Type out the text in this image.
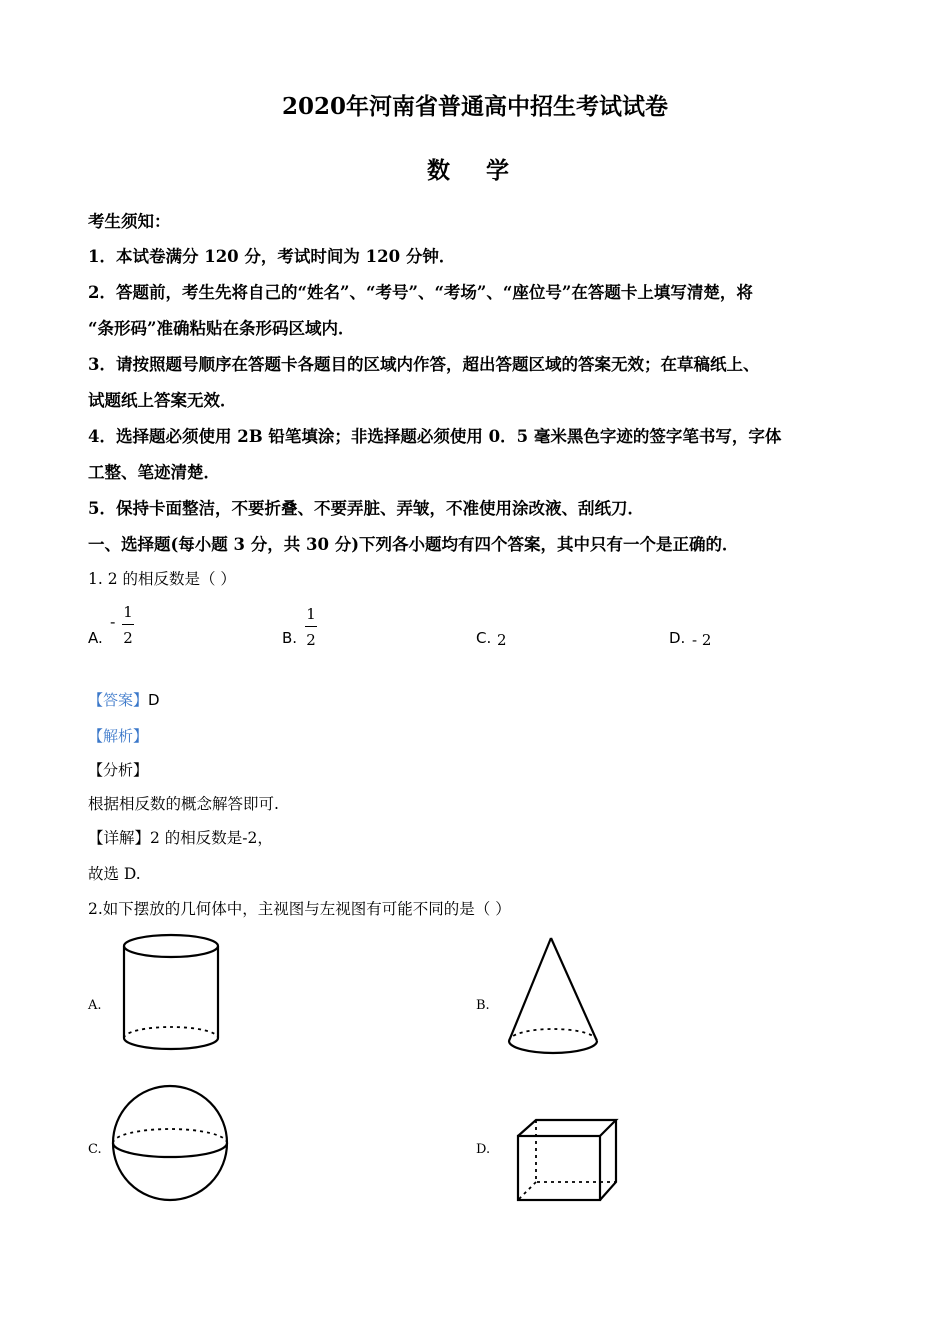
2020年河南省普通高中招生考试试卷
数 学
考生须知：
1．本试卷满分 120 分，考试时间为 120 分钟．
2．答题前，考生先将自己的“姓名”、“考号”、“考场”、“座位号”在答题卡上填写清楚，将
“条形码”准确粘贴在条形码区域内．
3．请按照题号顺序在答题卡各题目的区域内作答，超出答题区域的答案无效；在草稿纸上、
试题纸上答案无效．
4．选择题必须使用 2B 铅笔填涂；非选择题必须使用 0．5 毫米黑色字迹的签字笔书写，字体
工整、笔迹清楚．
5．保持卡面整洁，不要折叠、不要弄脏、弄皱，不准使用涂改液、刮纸刀．
一、选择题(每小题 3 分，共 30 分)下列各小题均有四个答案，其中只有一个是正确的．
1. 2 的相反数是（ ）
A.
-
1
2	B.
1
2	C. 2	D. - 2
【答案】D
【解析】
【分析】
根据相反数的概念解答即可.
【详解】2 的相反数是-2，
故选 D.
2.如下摆放的几何体中，主视图与左视图有可能不同的是（ ）
A.	B.
C.	D.
